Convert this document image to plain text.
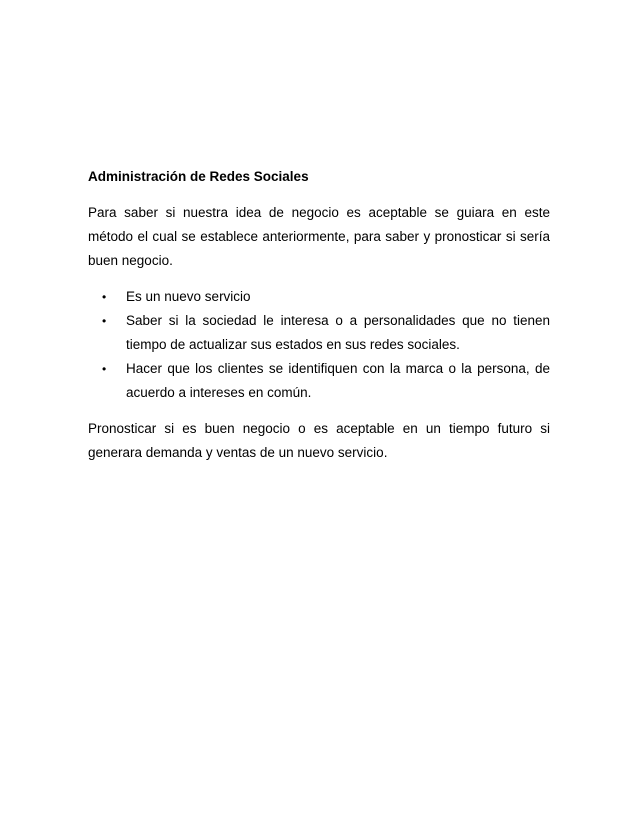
Administración de Redes Sociales

Para saber si nuestra idea de negocio es aceptable se guiara en este método el cual se establece anteriormente, para saber y pronosticar si sería buen negocio.

•	Es un nuevo servicio
•	Saber si la sociedad le interesa o a personalidades que no tienen tiempo de actualizar sus estados en sus redes sociales.
•	Hacer que los clientes se identifiquen con la marca o la persona, de acuerdo a intereses en común.

Pronosticar si es buen negocio o es aceptable en un tiempo futuro si generara demanda y ventas de un nuevo servicio.
